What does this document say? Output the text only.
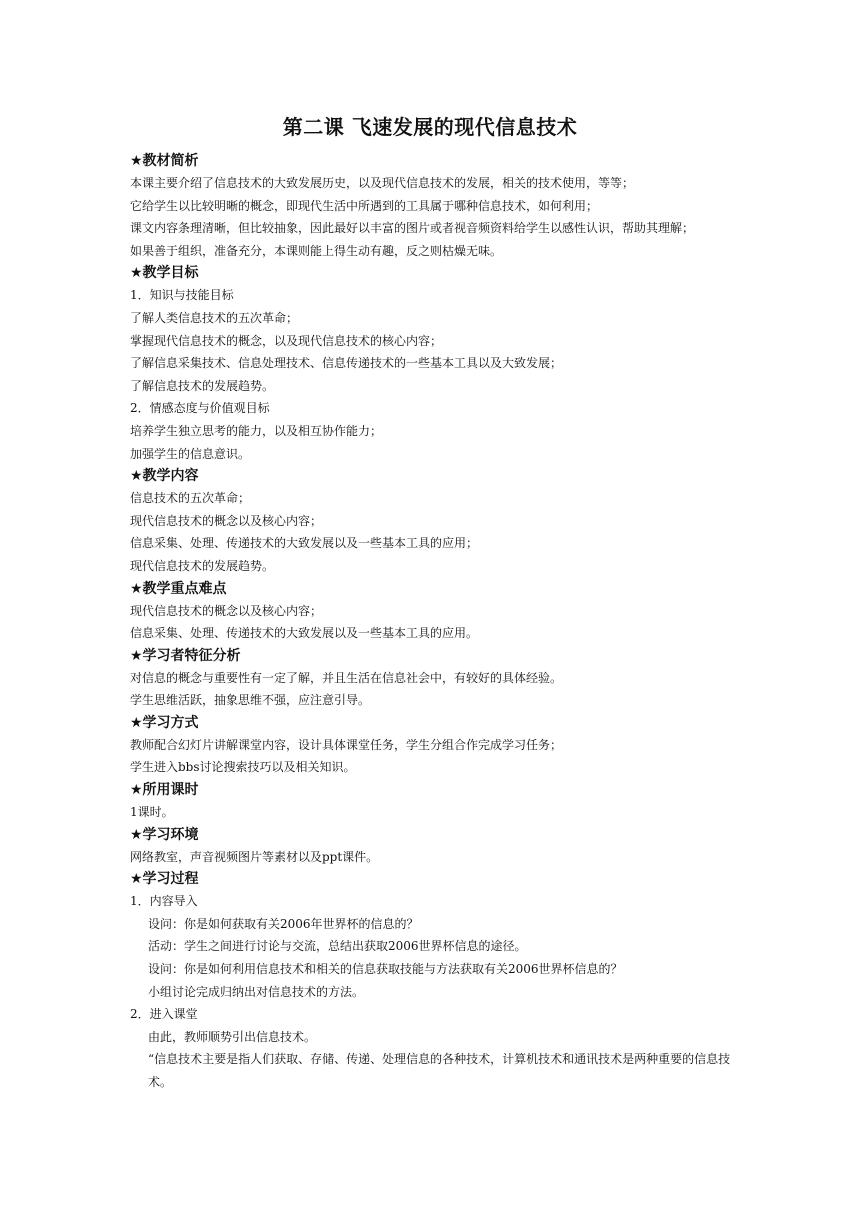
第二课 飞速发展的现代信息技术
★教材简析
本课主要介绍了信息技术的大致发展历史，以及现代信息技术的发展，相关的技术使用，等等；
它给学生以比较明晰的概念，即现代生活中所遇到的工具属于哪种信息技术，如何利用；
课文内容条理清晰，但比较抽象，因此最好以丰富的图片或者视音频资料给学生以感性认识，帮助其理解；
如果善于组织，准备充分，本课则能上得生动有趣，反之则枯燥无味。
★教学目标
1．知识与技能目标
了解人类信息技术的五次革命；
掌握现代信息技术的概念，以及现代信息技术的核心内容；
了解信息采集技术、信息处理技术、信息传递技术的一些基本工具以及大致发展；
了解信息技术的发展趋势。
2．情感态度与价值观目标
培养学生独立思考的能力，以及相互协作能力；
加强学生的信息意识。
★教学内容
信息技术的五次革命；
现代信息技术的概念以及核心内容；
信息采集、处理、传递技术的大致发展以及一些基本工具的应用；
现代信息技术的发展趋势。
★教学重点难点
现代信息技术的概念以及核心内容；
信息采集、处理、传递技术的大致发展以及一些基本工具的应用。
★学习者特征分析
对信息的概念与重要性有一定了解，并且生活在信息社会中，有较好的具体经验。
学生思维活跃，抽象思维不强，应注意引导。
★学习方式
教师配合幻灯片讲解课堂内容，设计具体课堂任务，学生分组合作完成学习任务；
学生进入bbs讨论搜索技巧以及相关知识。
★所用课时
1课时。
★学习环境
网络教室，声音视频图片等素材以及ppt课件。
★学习过程
1．内容导入
设问：你是如何获取有关2006年世界杯的信息的？
活动：学生之间进行讨论与交流，总结出获取2006世界杯信息的途径。
设问：你是如何利用信息技术和相关的信息获取技能与方法获取有关2006世界杯信息的？
小组讨论完成归纳出对信息技术的方法。
2．进入课堂
由此，教师顺势引出信息技术。
“信息技术主要是指人们获取、存储、传递、处理信息的各种技术，计算机技术和通讯技术是两种重要的信息技术。
